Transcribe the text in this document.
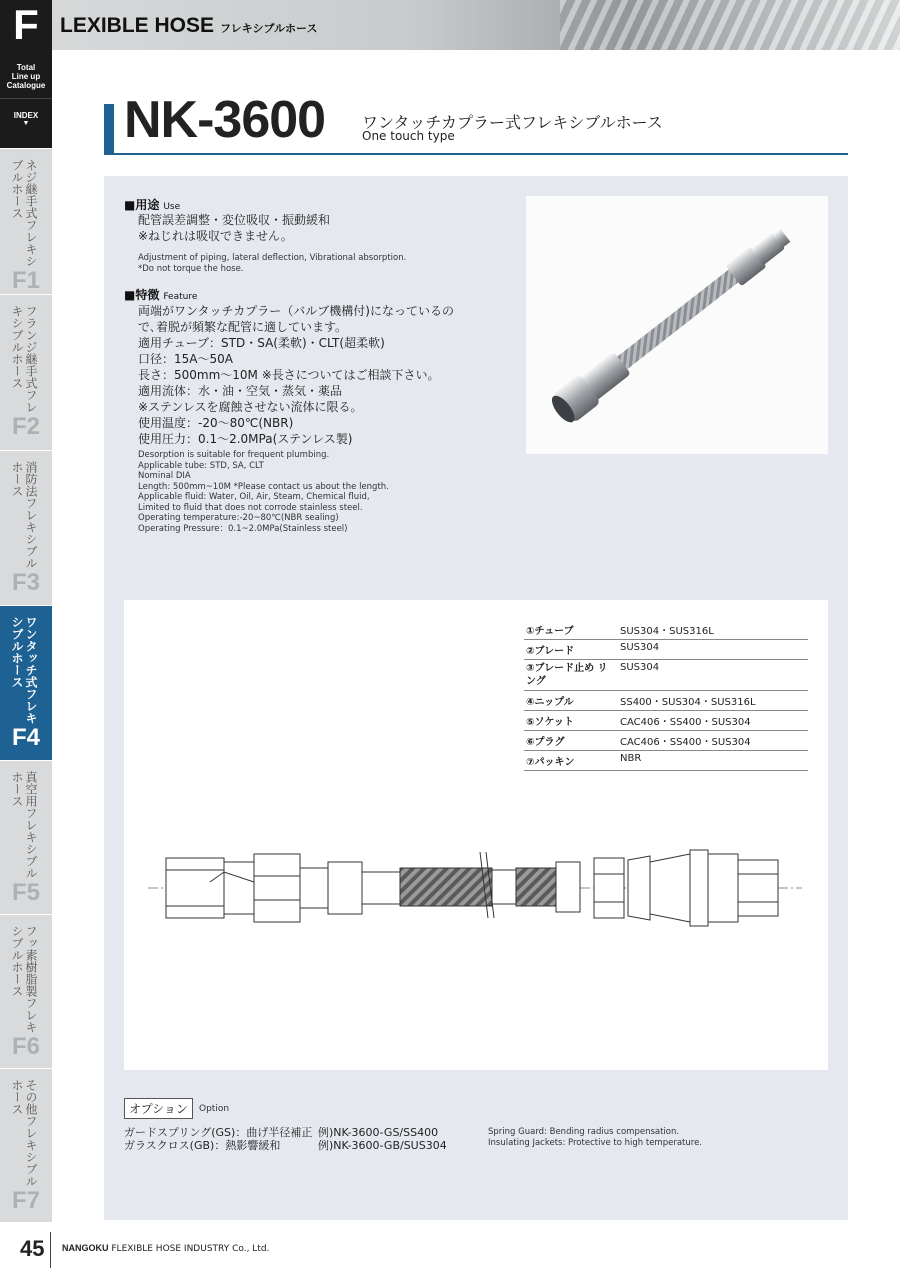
F	LEXIBLE HOSE フレキシブルホース
Total
Line up
Catalogue
INDEX
▼
ネジ継手式フレキシブルホース
F1
フランジ継手式フレキシブルホース
F2
消防法フレキシブルホース
F3
ワンタッチ式フレキシブルホース
F4
真空用フレキシブルホース
F5
フッ素樹脂製フレキシブルホース
F6
その他フレキシブルホース
F7
NK-3600 ワンタッチカプラー式フレキシブルホース
One touch type
■用途 Use
配管誤差調整・変位吸収・振動緩和
※ねじれは吸収できません。
Adjustment of piping, lateral deflection, Vibrational absorption.
*Do not torque the hose.
■特徴 Feature
両端がワンタッチカプラー（バルブ機構付)になっているの
で､着脱が頻繁な配管に適しています。
適用チューブ：STD・SA(柔軟)・CLT(超柔軟)
口径：15A〜50A
長さ：500mm〜10M ※長さについてはご相談下さい。
適用流体：水・油・空気・蒸気・薬品
※ステンレスを腐蝕させない流体に限る。
使用温度：-20〜80℃(NBR)
使用圧力：0.1〜2.0MPa(ステンレス製)
Desorption is suitable for frequent plumbing.
Applicable tube: STD, SA, CLT
Nominal DIA
Length: 500mm~10M *Please contact us about the length.
Applicable fluid: Water, Oil, Air, Steam, Chemical fluid,
Limited to fluid that does not corrode stainless steel.
Operating temperature:-20~80℃(NBR sealing)
Operating Pressure：0.1~2.0MPa(Stainless steel)
①チューブ	SUS304・SUS316L
②ブレード	SUS304
③ブレード止め リング	SUS304
④ニップル	SS400・SUS304・SUS316L
⑤ソケット	CAC406・SS400・SUS304
⑥プラグ	CAC406・SS400・SUS304
⑦パッキン	NBR
オプション	Option
ガードスプリング(GS)：曲げ半径補正
ガラスクロス(GB)：熱影響緩和
例)NK-3600-GS/SS400
例)NK-3600-GB/SUS304
Spring Guard: Bending radius compensation.
Insulating Jackets: Protective to high temperature.
45 NANGOKU FLEXIBLE HOSE INDUSTRY Co., Ltd.
